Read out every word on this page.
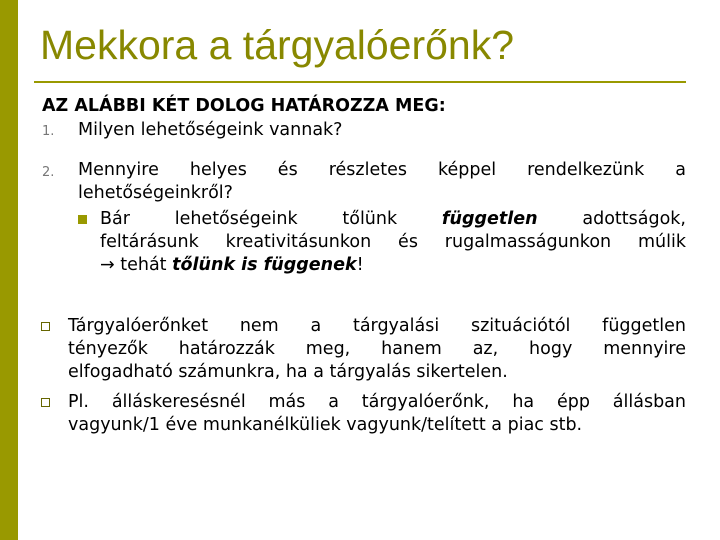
Mekkora a tárgyalóerőnk?
AZ ALÁBBI KÉT DOLOG HATÁROZZA MEG:
1. Milyen lehetőségeink vannak?
2. Mennyire helyes és részletes képpel rendelkezünk a
lehetőségeinkről?
Bár lehetőségeink tőlünk független adottságok,
feltárásunk kreativitásunkon és rugalmasságunkon múlik
→ tehát tőlünk is függenek!
Tárgyalóerőnket nem a tárgyalási szituációtól független
tényezők határozzák meg, hanem az, hogy mennyire
elfogadható számunkra, ha a tárgyalás sikertelen.
Pl. álláskeresésnél más a tárgyalóerőnk, ha épp állásban
vagyunk/1 éve munkanélküliek vagyunk/telített a piac stb.
